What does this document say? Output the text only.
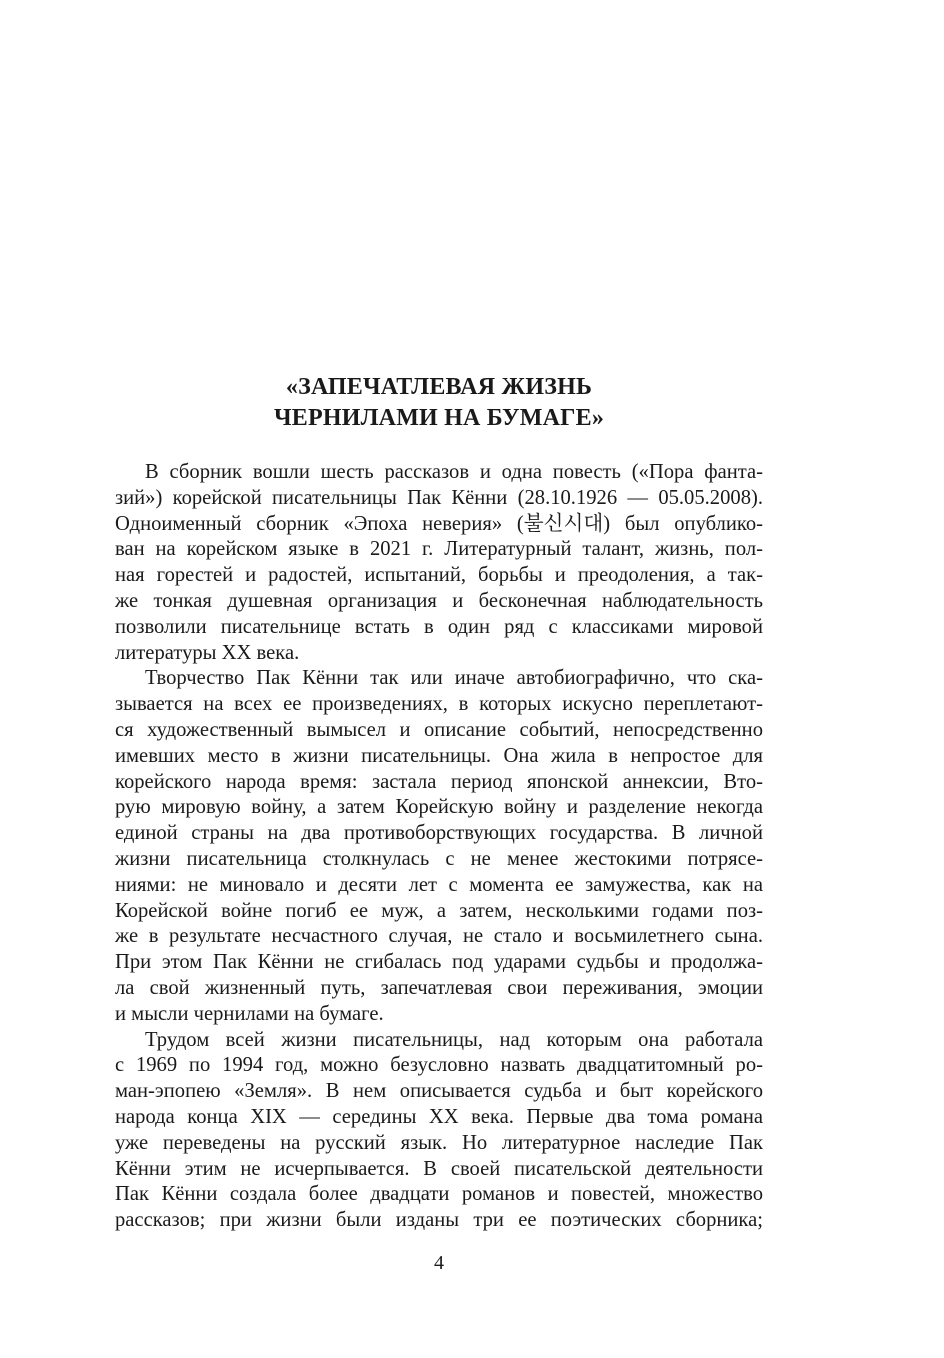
«ЗАПЕЧАТЛЕВАЯ ЖИЗНЬ
ЧЕРНИЛАМИ НА БУМАГЕ»
В сборник вошли шесть рассказов и одна повесть («Пора фанта-
зий») корейской писательницы Пак Кённи (28.10.1926 — 05.05.2008).
Одноименный сборник «Эпоха неверия» (불신시대) был опублико-
ван на корейском языке в 2021 г. Литературный талант, жизнь, пол-
ная горестей и радостей, испытаний, борьбы и преодоления, а так-
же тонкая душевная организация и бесконечная наблюдательность
позволили писательнице встать в один ряд с классиками мировой
литературы ХХ века.
Творчество Пак Кённи так или иначе автобиографично, что ска-
зывается на всех ее произведениях, в которых искусно переплетают-
ся художественный вымысел и описание событий, непосредственно
имевших место в жизни писательницы. Она жила в непростое для
корейского народа время: застала период японской аннексии, Вто-
рую мировую войну, а затем Корейскую войну и разделение некогда
единой страны на два противоборствующих государства. В личной
жизни писательница столкнулась с не менее жестокими потрясе-
ниями: не миновало и десяти лет с момента ее замужества, как на
Корейской войне погиб ее муж, а затем, несколькими годами поз-
же в результате несчастного случая, не стало и восьмилетнего сына.
При этом Пак Кённи не сгибалась под ударами судьбы и продолжа-
ла свой жизненный путь, запечатлевая свои переживания, эмоции
и мысли чернилами на бумаге.
Трудом всей жизни писательницы, над которым она работала
с 1969 по 1994 год, можно безусловно назвать двадцатитомный ро-
ман-эпопею «Земля». В нем описывается судьба и быт корейского
народа конца XIX — середины ХХ века. Первые два тома романа
уже переведены на русский язык. Но литературное наследие Пак
Кённи этим не исчерпывается. В своей писательской деятельности
Пак Кённи создала более двадцати романов и повестей, множество
рассказов; при жизни были изданы три ее поэтических сборника;
4
